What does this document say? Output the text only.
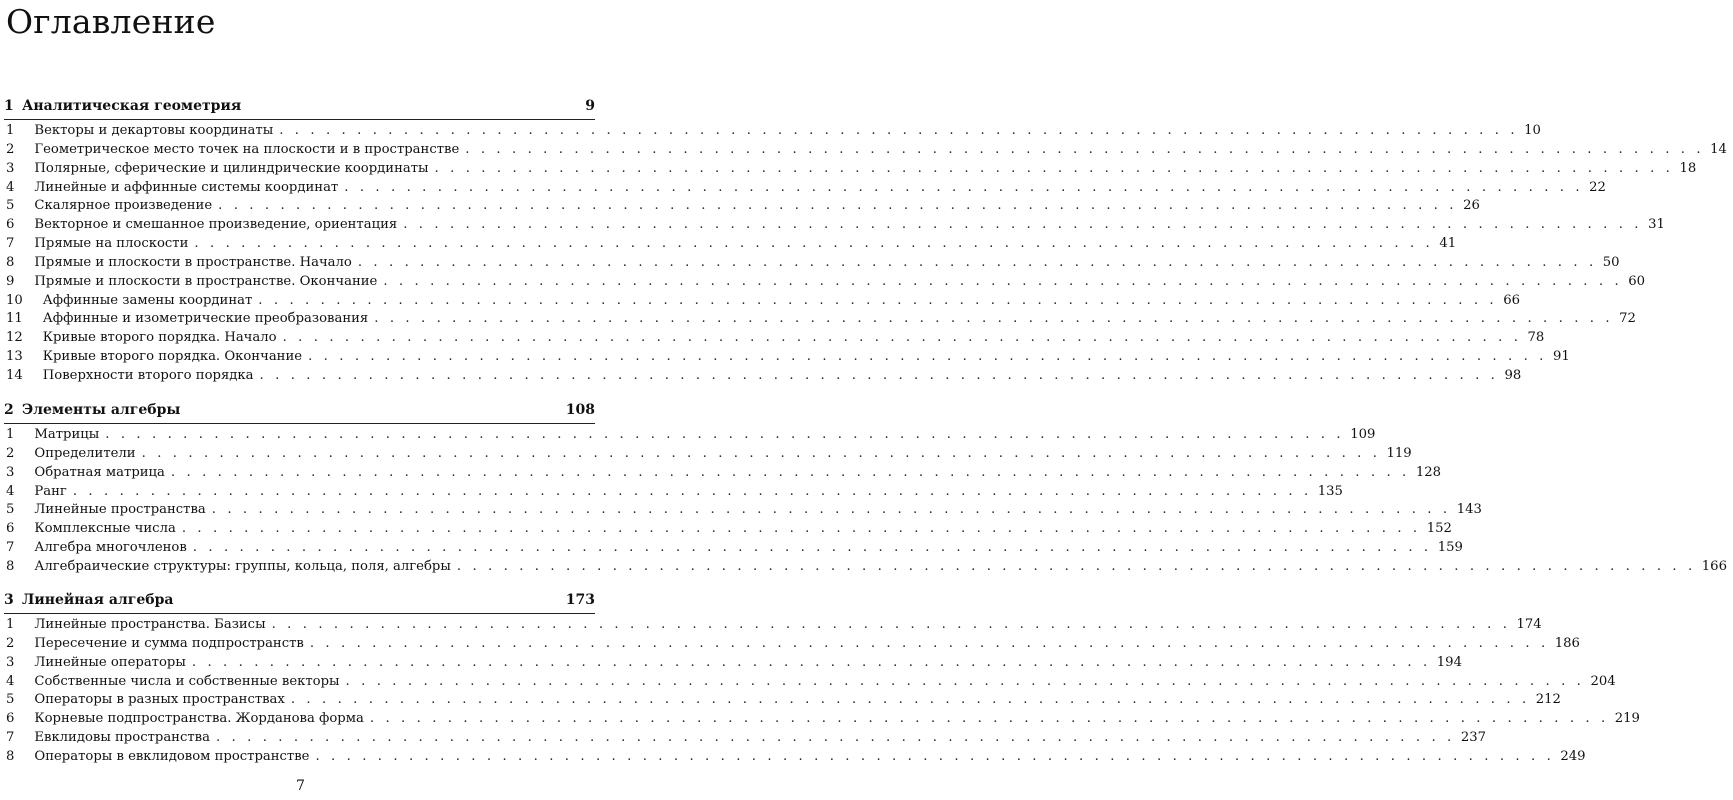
Оглавление
1 Аналитическая геометрия	9
1	Векторы и декартовы координаты . . . . . . . . . . . . . . . . . . . . . . . . . . . . . . . . . . . . . . . . . . . . . . . . . . . . . . . . . . . . . . . . . . . . . . . . . . . . . . . . 10
2	Геометрическое место точек на плоскости и в пространстве . . . . . . . . . . . . . . . . . . . . . . . . . . . . . . . . . . . . . . . . . . . . . . . . . . . . . . . . . . . . . . . . . . . . . . . . . . . . . . . . 14
3	Полярные, сферические и цилиндрические координаты . . . . . . . . . . . . . . . . . . . . . . . . . . . . . . . . . . . . . . . . . . . . . . . . . . . . . . . . . . . . . . . . . . . . . . . . . . . . . . . . 18
4	Линейные и аффинные системы координат . . . . . . . . . . . . . . . . . . . . . . . . . . . . . . . . . . . . . . . . . . . . . . . . . . . . . . . . . . . . . . . . . . . . . . . . . . . . . . . . 22
5	Скалярное произведение . . . . . . . . . . . . . . . . . . . . . . . . . . . . . . . . . . . . . . . . . . . . . . . . . . . . . . . . . . . . . . . . . . . . . . . . . . . . . . . . 26
6	Векторное и смешанное произведение, ориентация . . . . . . . . . . . . . . . . . . . . . . . . . . . . . . . . . . . . . . . . . . . . . . . . . . . . . . . . . . . . . . . . . . . . . . . . . . . . . . . . 31
7	Прямые на плоскости . . . . . . . . . . . . . . . . . . . . . . . . . . . . . . . . . . . . . . . . . . . . . . . . . . . . . . . . . . . . . . . . . . . . . . . . . . . . . . . . 41
8	Прямые и плоскости в пространстве. Начало . . . . . . . . . . . . . . . . . . . . . . . . . . . . . . . . . . . . . . . . . . . . . . . . . . . . . . . . . . . . . . . . . . . . . . . . . . . . . . . . 50
9	Прямые и плоскости в пространстве. Окончание . . . . . . . . . . . . . . . . . . . . . . . . . . . . . . . . . . . . . . . . . . . . . . . . . . . . . . . . . . . . . . . . . . . . . . . . . . . . . . . . 60
10	Аффинные замены координат . . . . . . . . . . . . . . . . . . . . . . . . . . . . . . . . . . . . . . . . . . . . . . . . . . . . . . . . . . . . . . . . . . . . . . . . . . . . . . . . 66
11	Аффинные и изометрические преобразования . . . . . . . . . . . . . . . . . . . . . . . . . . . . . . . . . . . . . . . . . . . . . . . . . . . . . . . . . . . . . . . . . . . . . . . . . . . . . . . . 72
12	Кривые второго порядка. Начало . . . . . . . . . . . . . . . . . . . . . . . . . . . . . . . . . . . . . . . . . . . . . . . . . . . . . . . . . . . . . . . . . . . . . . . . . . . . . . . . 78
13	Кривые второго порядка. Окончание . . . . . . . . . . . . . . . . . . . . . . . . . . . . . . . . . . . . . . . . . . . . . . . . . . . . . . . . . . . . . . . . . . . . . . . . . . . . . . . . 91
14	Поверхности второго порядка . . . . . . . . . . . . . . . . . . . . . . . . . . . . . . . . . . . . . . . . . . . . . . . . . . . . . . . . . . . . . . . . . . . . . . . . . . . . . . . . 98
2 Элементы алгебры	108
1	Матрицы . . . . . . . . . . . . . . . . . . . . . . . . . . . . . . . . . . . . . . . . . . . . . . . . . . . . . . . . . . . . . . . . . . . . . . . . . . . . . . . . 109
2	Определители . . . . . . . . . . . . . . . . . . . . . . . . . . . . . . . . . . . . . . . . . . . . . . . . . . . . . . . . . . . . . . . . . . . . . . . . . . . . . . . . 119
3	Обратная матрица . . . . . . . . . . . . . . . . . . . . . . . . . . . . . . . . . . . . . . . . . . . . . . . . . . . . . . . . . . . . . . . . . . . . . . . . . . . . . . . . 128
4	Ранг . . . . . . . . . . . . . . . . . . . . . . . . . . . . . . . . . . . . . . . . . . . . . . . . . . . . . . . . . . . . . . . . . . . . . . . . . . . . . . . . 135
5	Линейные пространства . . . . . . . . . . . . . . . . . . . . . . . . . . . . . . . . . . . . . . . . . . . . . . . . . . . . . . . . . . . . . . . . . . . . . . . . . . . . . . . . 143
6	Комплексные числа . . . . . . . . . . . . . . . . . . . . . . . . . . . . . . . . . . . . . . . . . . . . . . . . . . . . . . . . . . . . . . . . . . . . . . . . . . . . . . . . 152
7	Алгебра многочленов . . . . . . . . . . . . . . . . . . . . . . . . . . . . . . . . . . . . . . . . . . . . . . . . . . . . . . . . . . . . . . . . . . . . . . . . . . . . . . . . 159
8	Алгебраические структуры: группы, кольца, поля, алгебры . . . . . . . . . . . . . . . . . . . . . . . . . . . . . . . . . . . . . . . . . . . . . . . . . . . . . . . . . . . . . . . . . . . . . . . . . . . . . . . . 166
3 Линейная алгебра	173
1	Линейные пространства. Базисы . . . . . . . . . . . . . . . . . . . . . . . . . . . . . . . . . . . . . . . . . . . . . . . . . . . . . . . . . . . . . . . . . . . . . . . . . . . . . . . . 174
2	Пересечение и сумма подпространств . . . . . . . . . . . . . . . . . . . . . . . . . . . . . . . . . . . . . . . . . . . . . . . . . . . . . . . . . . . . . . . . . . . . . . . . . . . . . . . . 186
3	Линейные операторы . . . . . . . . . . . . . . . . . . . . . . . . . . . . . . . . . . . . . . . . . . . . . . . . . . . . . . . . . . . . . . . . . . . . . . . . . . . . . . . . 194
4	Собственные числа и собственные векторы . . . . . . . . . . . . . . . . . . . . . . . . . . . . . . . . . . . . . . . . . . . . . . . . . . . . . . . . . . . . . . . . . . . . . . . . . . . . . . . . 204
5	Операторы в разных пространствах . . . . . . . . . . . . . . . . . . . . . . . . . . . . . . . . . . . . . . . . . . . . . . . . . . . . . . . . . . . . . . . . . . . . . . . . . . . . . . . . 212
6	Корневые подпространства. Жорданова форма . . . . . . . . . . . . . . . . . . . . . . . . . . . . . . . . . . . . . . . . . . . . . . . . . . . . . . . . . . . . . . . . . . . . . . . . . . . . . . . . 219
7	Евклидовы пространства . . . . . . . . . . . . . . . . . . . . . . . . . . . . . . . . . . . . . . . . . . . . . . . . . . . . . . . . . . . . . . . . . . . . . . . . . . . . . . . . 237
8	Операторы в евклидовом пространстве . . . . . . . . . . . . . . . . . . . . . . . . . . . . . . . . . . . . . . . . . . . . . . . . . . . . . . . . . . . . . . . . . . . . . . . . . . . . . . . . 249
7
